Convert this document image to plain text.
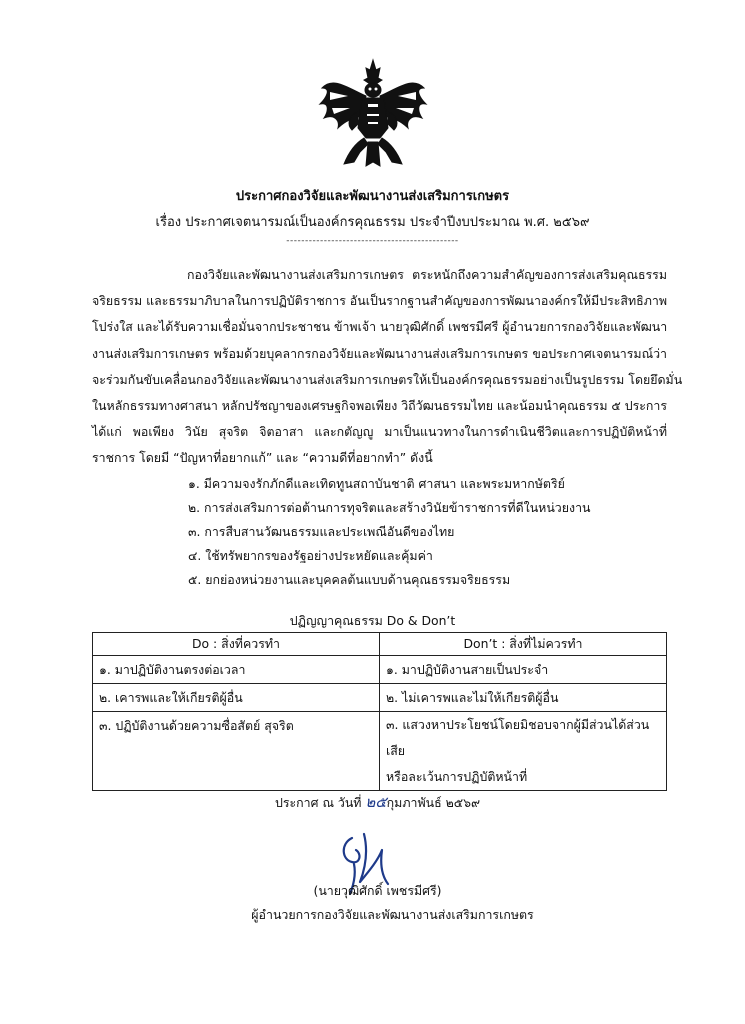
ประกาศกองวิจัยและพัฒนางานส่งเสริมการเกษตร
เรื่อง ประกาศเจตนารมณ์เป็นองค์กรคุณธรรม ประจำปีงบประมาณ พ.ศ. ๒๕๖๙
----------------------------------------------
กองวิจัยและพัฒนางานส่งเสริมการเกษตร ตระหนักถึงความสำคัญของการส่งเสริมคุณธรรม
จริยธรรม และธรรมาภิบาลในการปฏิบัติราชการ อันเป็นรากฐานสำคัญของการพัฒนาองค์กรให้มีประสิทธิภาพ
โปร่งใส และได้รับความเชื่อมั่นจากประชาชน ข้าพเจ้า นายวุฒิศักดิ์ เพชรมีศรี ผู้อำนวยการกองวิจัยและพัฒนา
งานส่งเสริมการเกษตร พร้อมด้วยบุคลากรกองวิจัยและพัฒนางานส่งเสริมการเกษตร ขอประกาศเจตนารมณ์ว่า
จะร่วมกันขับเคลื่อนกองวิจัยและพัฒนางานส่งเสริมการเกษตรให้เป็นองค์กรคุณธรรมอย่างเป็นรูปธรรม โดยยึดมั่น
ในหลักธรรมทางศาสนา หลักปรัชญาของเศรษฐกิจพอเพียง วิถีวัฒนธรรมไทย และน้อมนำคุณธรรม ๕ ประการ
ได้แก่ พอเพียง วินัย สุจริต จิตอาสา และกตัญญู มาเป็นแนวทางในการดำเนินชีวิตและการปฏิบัติหน้าที่
ราชการ โดยมี “ปัญหาที่อยากแก้” และ “ความดีที่อยากทำ” ดังนี้
๑. มีความจงรักภักดีและเทิดทูนสถาบันชาติ ศาสนา และพระมหากษัตริย์
๒. การส่งเสริมการต่อต้านการทุจริตและสร้างวินัยข้าราชการที่ดีในหน่วยงาน
๓. การสืบสานวัฒนธรรมและประเพณีอันดีของไทย
๔. ใช้ทรัพยากรของรัฐอย่างประหยัดและคุ้มค่า
๕. ยกย่องหน่วยงานและบุคคลต้นแบบด้านคุณธรรมจริยธรรม
ปฏิญญาคุณธรรม Do & Don’t
Do : สิ่งที่ควรทำ	Don’t : สิ่งที่ไม่ควรทำ
๑. มาปฏิบัติงานตรงต่อเวลา	๑. มาปฏิบัติงานสายเป็นประจำ
๒. เคารพและให้เกียรติผู้อื่น	๒. ไม่เคารพและไม่ให้เกียรติผู้อื่น
๓. ปฏิบัติงานด้วยความซื่อสัตย์ สุจริต	๓. แสวงหาประโยชน์โดยมิชอบจากผู้มีส่วนได้ส่วนเสีย
หรือละเว้นการปฏิบัติหน้าที่
ประกาศ ณ วันที่ ๒๕กุมภาพันธ์ ๒๕๖๙
(นายวุฒิศักดิ์ เพชรมีศรี)
ผู้อำนวยการกองวิจัยและพัฒนางานส่งเสริมการเกษตร
